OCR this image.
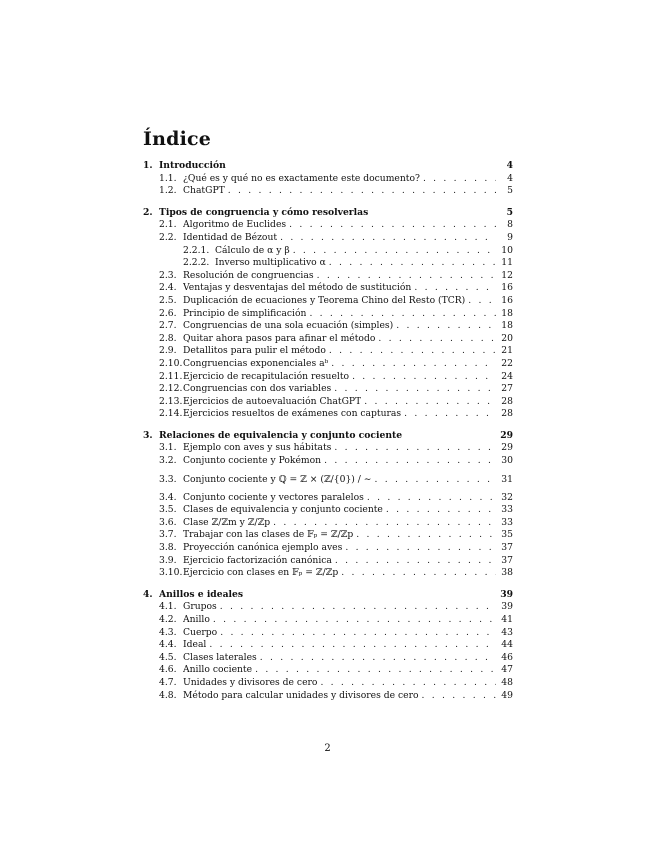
Índice
1. Introducción	4
1.1. ¿Qué es y qué no es exactamente este documento? . . .	4
1.2. ChatGPT . . .	5
2. Tipos de congruencia y cómo resolverlas	5
2.1. Algoritmo de Euclides . . .	8
2.2. Identidad de Bézout . . .	9
2.2.1. Cálculo de α y β . . .	10
2.2.2. Inverso multiplicativo α . . .	11
2.3. Resolución de congruencias . . .	12
2.4. Ventajas y desventajas del método de sustitución . . .	16
2.5. Duplicación de ecuaciones y Teorema Chino del Resto (TCR) . . .	16
2.6. Principio de simplificación . . .	18
2.7. Congruencias de una sola ecuación (simples) . . .	18
2.8. Quitar ahora pasos para afinar el método . . .	20
2.9. Detallitos para pulir el método . . .	21
2.10. Congruencias exponenciales aᵇ . . .	22
2.11. Ejercicio de recapitulación resuelto . . .	24
2.12. Congruencias con dos variables . . .	27
2.13. Ejercicios de autoevaluación ChatGPT . . .	28
2.14. Ejercicios resueltos de exámenes con capturas . . .	28
3. Relaciones de equivalencia y conjunto cociente	29
3.1. Ejemplo con aves y sus hábitats . . .	29
3.2. Conjunto cociente y Pokémon . . .	30
3.3. Conjunto cociente y ℚ = ℤ × (ℤ/{0}) / ∼ . . .	31
3.4. Conjunto cociente y vectores paralelos . . .	32
3.5. Clases de equivalencia y conjunto cociente . . .	33
3.6. Clase ℤ/ℤm y ℤ/ℤp . . .	33
3.7. Trabajar con las clases de 𝔽ₚ = ℤ/ℤp . . .	35
3.8. Proyección canónica ejemplo aves . . .	37
3.9. Ejercicio factorización canónica . . .	37
3.10. Ejercicio con clases en 𝔽ₚ = ℤ/ℤp . . .	38
4. Anillos e ideales	39
4.1. Grupos . . .	39
4.2. Anillo . . .	41
4.3. Cuerpo . . .	43
4.4. Ideal . . .	44
4.5. Clases laterales . . .	46
4.6. Anillo cociente . . .	47
4.7. Unidades y divisores de cero . . .	48
4.8. Método para calcular unidades y divisores de cero . . .	49
2
